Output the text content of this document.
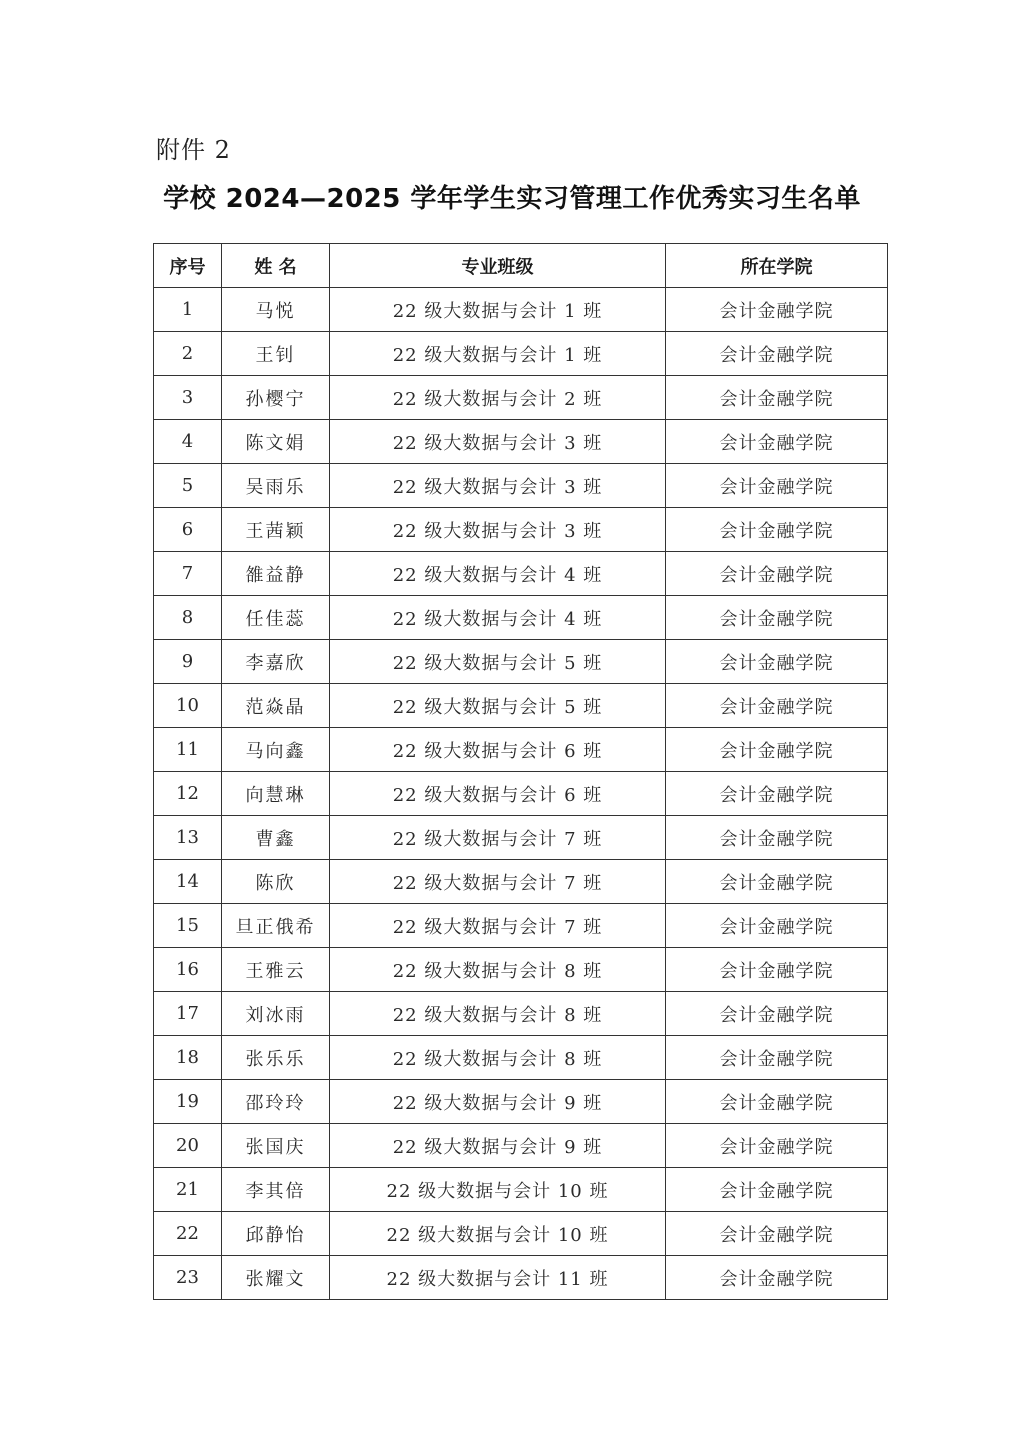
附件 2
学校 2024—2025 学年学生实习管理工作优秀实习生名单
序号	姓 名	专业班级	所在学院
1	马悦	22 级大数据与会计 1 班	会计金融学院
2	王钊	22 级大数据与会计 1 班	会计金融学院
3	孙樱宁	22 级大数据与会计 2 班	会计金融学院
4	陈文娟	22 级大数据与会计 3 班	会计金融学院
5	吴雨乐	22 级大数据与会计 3 班	会计金融学院
6	王茜颖	22 级大数据与会计 3 班	会计金融学院
7	雒益静	22 级大数据与会计 4 班	会计金融学院
8	任佳蕊	22 级大数据与会计 4 班	会计金融学院
9	李嘉欣	22 级大数据与会计 5 班	会计金融学院
10	范焱晶	22 级大数据与会计 5 班	会计金融学院
11	马向鑫	22 级大数据与会计 6 班	会计金融学院
12	向慧琳	22 级大数据与会计 6 班	会计金融学院
13	曹鑫	22 级大数据与会计 7 班	会计金融学院
14	陈欣	22 级大数据与会计 7 班	会计金融学院
15	旦正俄希	22 级大数据与会计 7 班	会计金融学院
16	王雅云	22 级大数据与会计 8 班	会计金融学院
17	刘冰雨	22 级大数据与会计 8 班	会计金融学院
18	张乐乐	22 级大数据与会计 8 班	会计金融学院
19	邵玲玲	22 级大数据与会计 9 班	会计金融学院
20	张国庆	22 级大数据与会计 9 班	会计金融学院
21	李其倍	22 级大数据与会计 10 班	会计金融学院
22	邱静怡	22 级大数据与会计 10 班	会计金融学院
23	张耀文	22 级大数据与会计 11 班	会计金融学院
